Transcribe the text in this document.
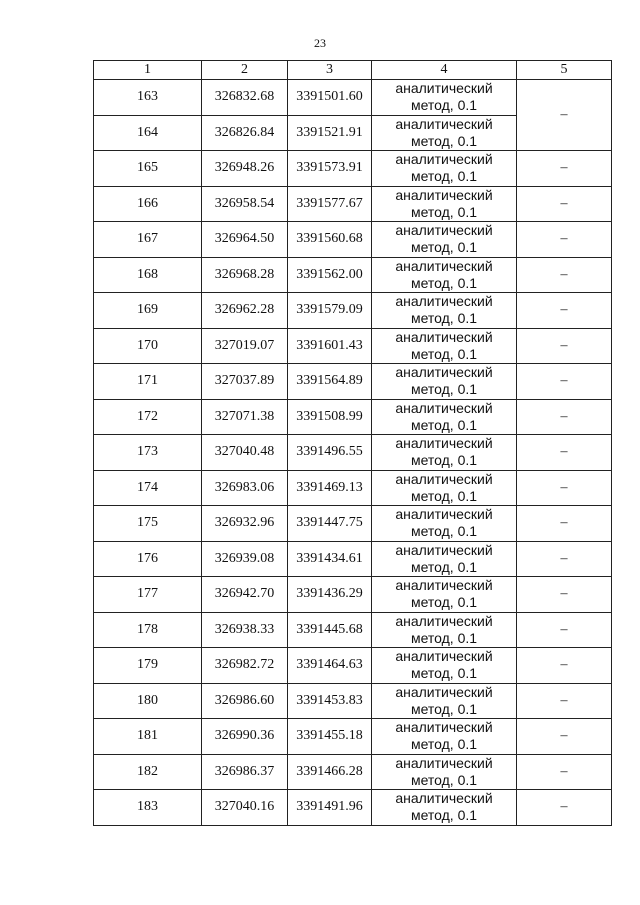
23
1	2	3	4	5
163	326832.68	3391501.60	аналитический
метод, 0.1	–
164	326826.84	3391521.91	аналитический
метод, 0.1	

165	326948.26	3391573.91	аналитический
метод, 0.1	–
166	326958.54	3391577.67	аналитический
метод, 0.1	–
167	326964.50	3391560.68	аналитический
метод, 0.1	–
168	326968.28	3391562.00	аналитический
метод, 0.1	–
169	326962.28	3391579.09	аналитический
метод, 0.1	–
170	327019.07	3391601.43	аналитический
метод, 0.1	–
171	327037.89	3391564.89	аналитический
метод, 0.1	–
172	327071.38	3391508.99	аналитический
метод, 0.1	–
173	327040.48	3391496.55	аналитический
метод, 0.1	–
174	326983.06	3391469.13	аналитический
метод, 0.1	–
175	326932.96	3391447.75	аналитический
метод, 0.1	–
176	326939.08	3391434.61	аналитический
метод, 0.1	–
177	326942.70	3391436.29	аналитический
метод, 0.1	–
178	326938.33	3391445.68	аналитический
метод, 0.1	–
179	326982.72	3391464.63	аналитический
метод, 0.1	–
180	326986.60	3391453.83	аналитический
метод, 0.1	–
181	326990.36	3391455.18	аналитический
метод, 0.1	–
182	326986.37	3391466.28	аналитический
метод, 0.1	–
183	327040.16	3391491.96	аналитический
метод, 0.1	–
